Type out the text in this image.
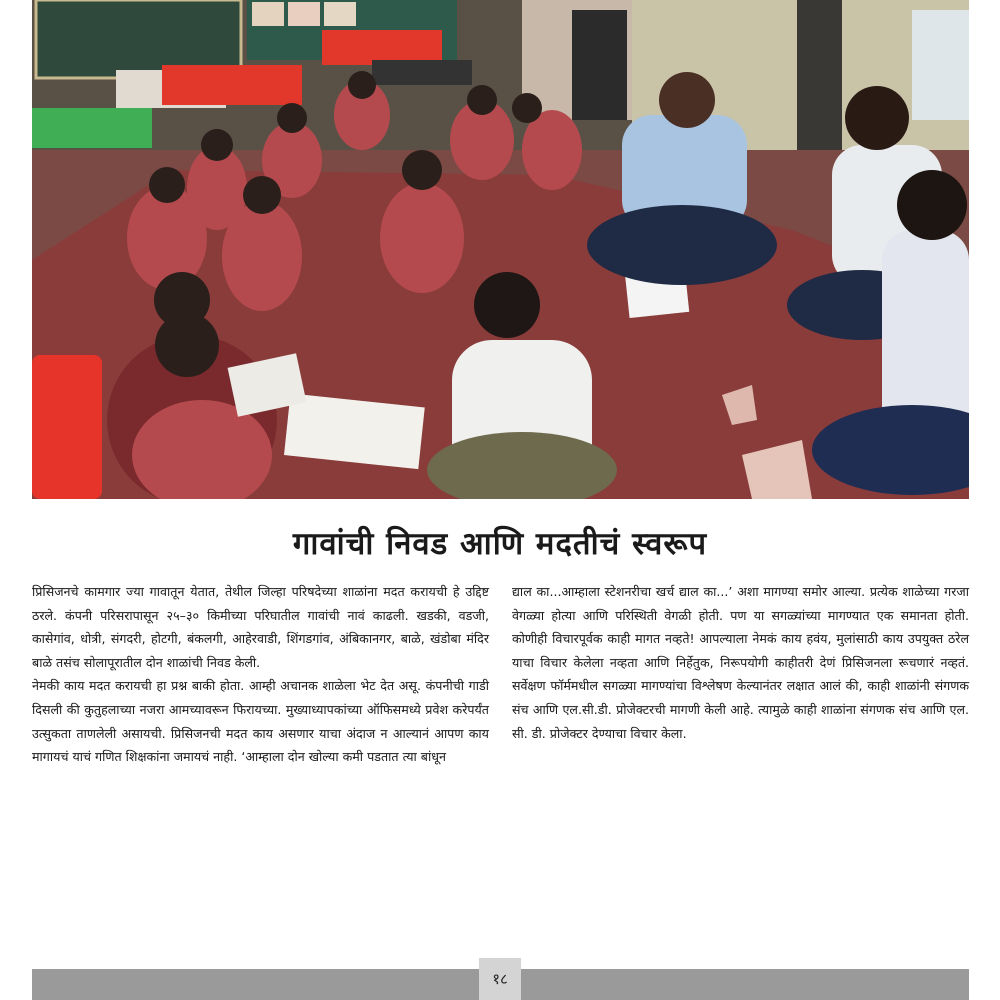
गावांची निवड आणि मदतीचं स्वरूप

प्रिसिजनचे कामगार ज्या गावातून येतात, तेथील जिल्हा परिषदेच्या शाळांना मदत करायची हे उद्दिष्ट ठरले. कंपनी परिसरापासून २५–३० किमीच्या परिघातील गावांची नावं काढली. खडकी, वडजी, कासेगांव, धोत्री, संगदरी, होटगी, बंकलगी, आहेरवाडी, शिंगडगांव, अंबिकानगर, बाळे, खंडोबा मंदिर बाळे तसंच सोलापूरातील दोन शाळांची निवड केली.

नेमकी काय मदत करायची हा प्रश्न बाकी होता. आम्ही अचानक शाळेला भेट देत असू. कंपनीची गाडी दिसली की कुतुहलाच्या नजरा आमच्यावरून फिरायच्या. मुख्याध्यापकांच्या ऑफिसमध्ये प्रवेश करेपर्यंत उत्सुकता ताणलेली असायची. प्रिसिजनची मदत काय असणार याचा अंदाज न आल्यानं आपण काय मागायचं याचं गणित शिक्षकांना जमायचं नाही. ‘आम्हाला दोन खोल्या कमी पडतात त्या बांधून

द्याल का...आम्हाला स्टेशनरीचा खर्च द्याल का...’ अशा मागण्या समोर आल्या. प्रत्येक शाळेच्या गरजा वेगळ्या होत्या आणि परिस्थिती वेगळी होती. पण या सगळ्यांच्या मागण्यात एक समानता होती. कोणीही विचारपूर्वक काही मागत नव्हते! आपल्याला नेमकं काय हवंय, मुलांसाठी काय उपयुक्त ठरेल याचा विचार केलेला नव्हता आणि निर्हेतुक, निरूपयोगी काहीतरी देणं प्रिसिजनला रूचणारं नव्हतं. सर्वेक्षण फॉर्ममधील सगळ्या मागण्यांचा विश्लेषण केल्यानंतर लक्षात आलं की, काही शाळांनी संगणक संच आणि एल.सी.डी. प्रोजेक्टरची मागणी केली आहे. त्यामुळे काही शाळांना संगणक संच आणि एल. सी. डी. प्रोजेक्टर देण्याचा विचार केला.

१८
